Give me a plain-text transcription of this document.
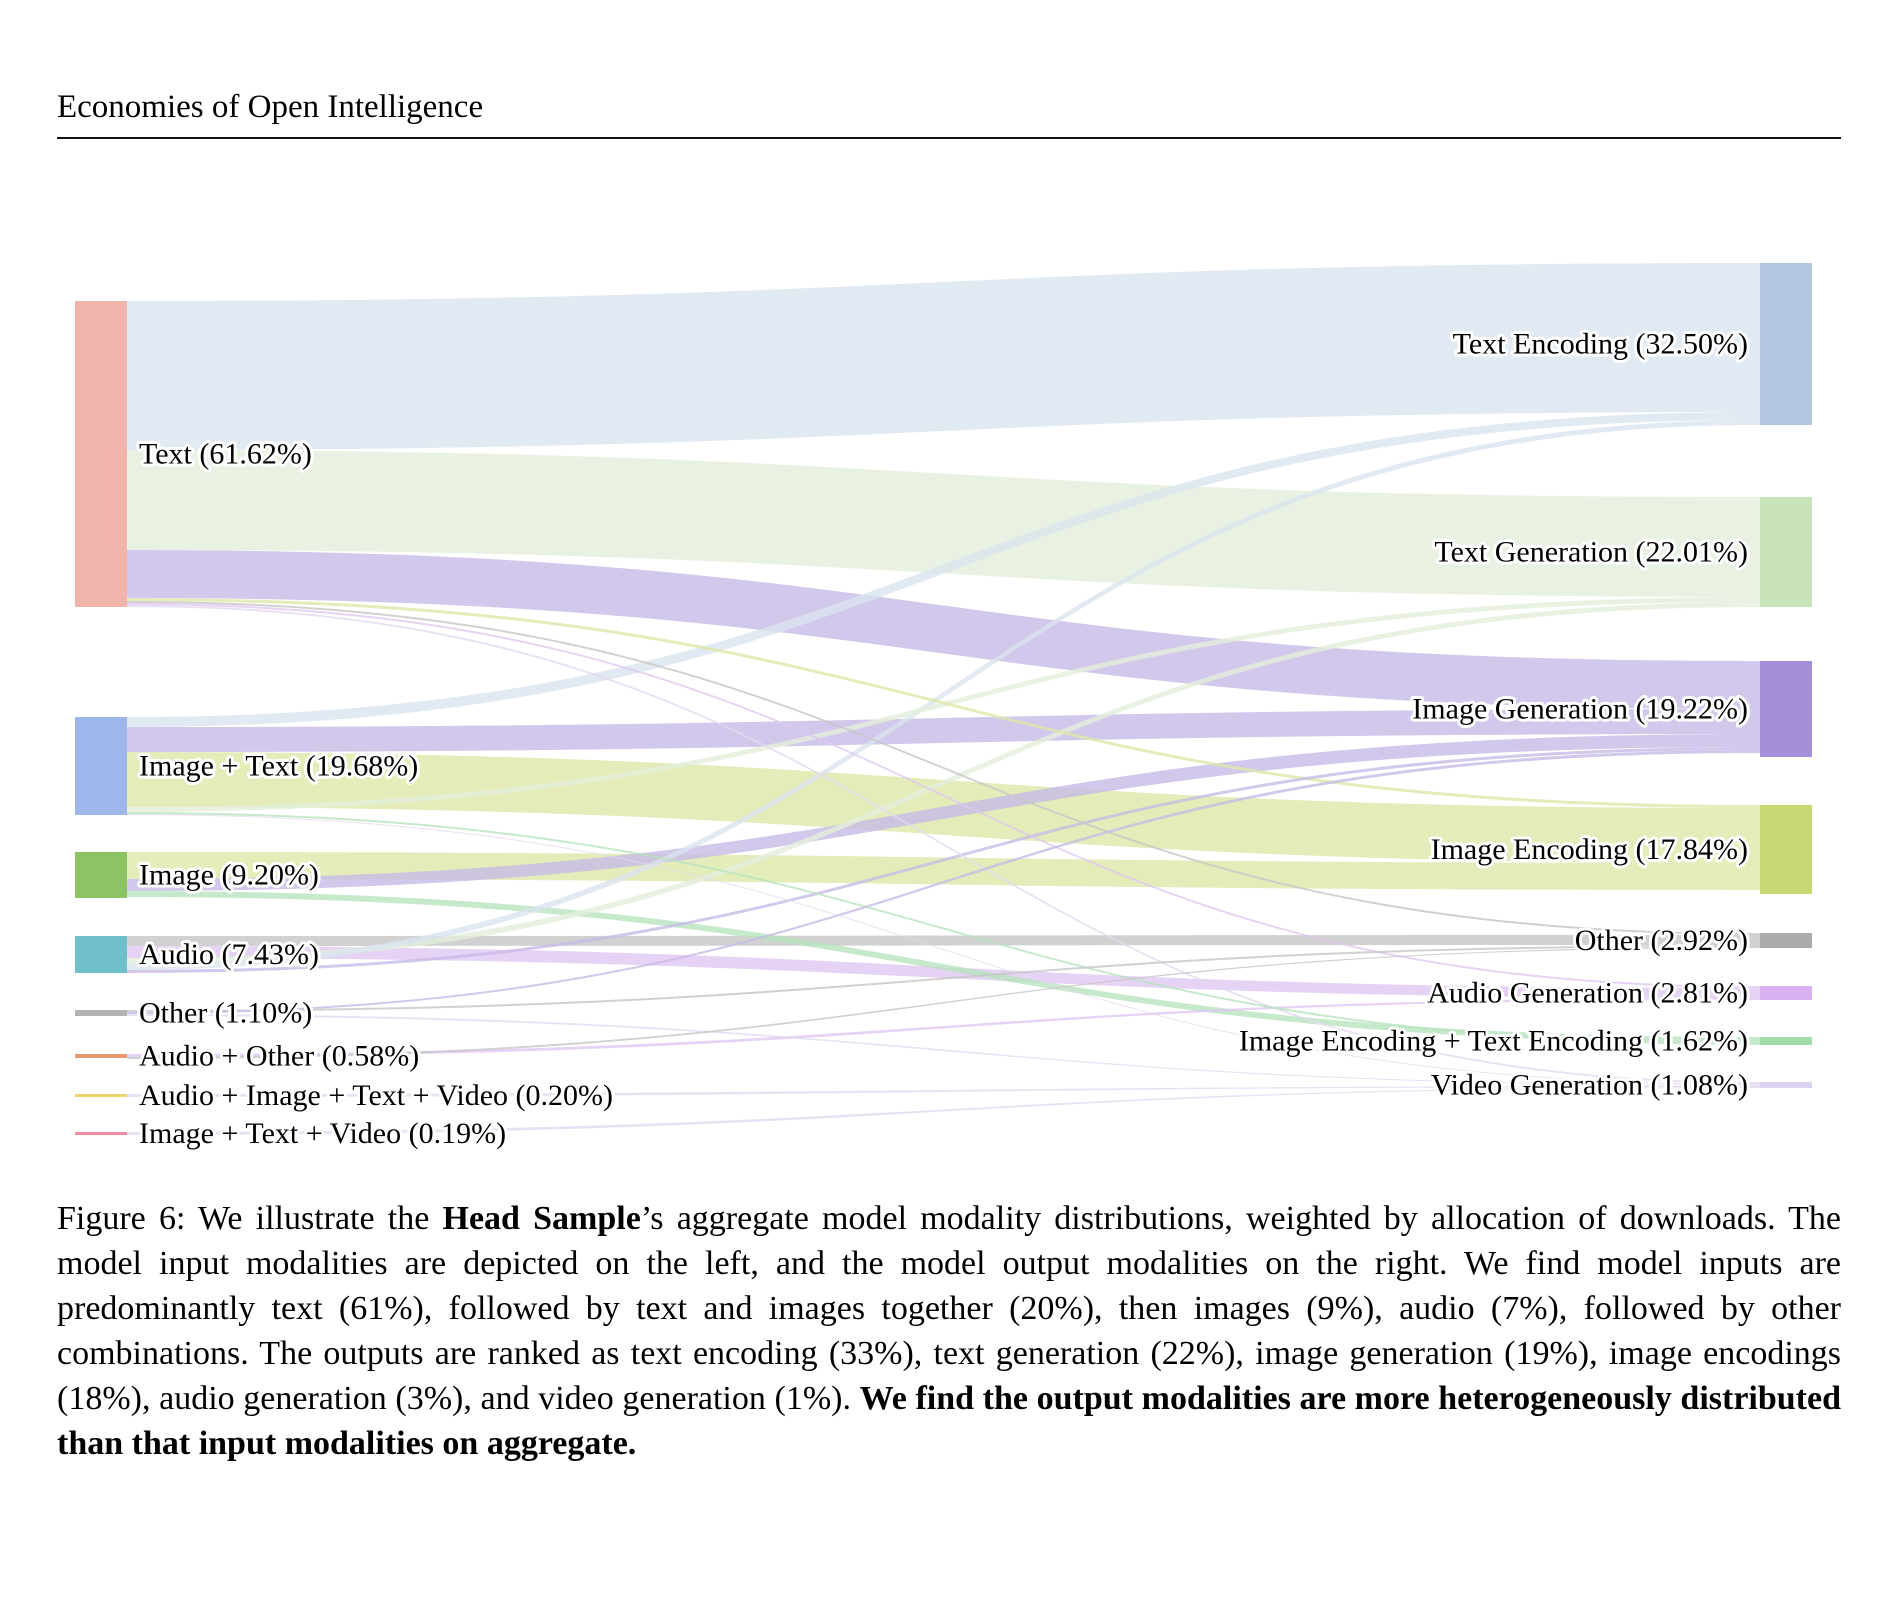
Economies of Open Intelligence
Text (61.62%)
Image + Text (19.68%)
Image (9.20%)
Audio (7.43%)
Other (1.10%)
Audio + Other (0.58%)
Audio + Image + Text + Video (0.20%)
Image + Text + Video (0.19%)
Text Encoding (32.50%)
Text Generation (22.01%)
Image Generation (19.22%)
Image Encoding (17.84%)
Other (2.92%)
Audio Generation (2.81%)
Image Encoding + Text Encoding (1.62%)
Video Generation (1.08%)
Figure 6: We illustrate the Head Sample’s aggregate model modality distributions, weighted by allocation of downloads. The model input modalities are depicted on the left, and the model output modalities on the right. We find model inputs are predominantly text (61%), followed by text and images together (20%), then images (9%), audio (7%), followed by other combinations. The outputs are ranked as text encoding (33%), text generation (22%), image generation (19%), image encodings (18%), audio generation (3%), and video generation (1%). We find the output modalities are more heterogeneously distributed than that input modalities on aggregate.
